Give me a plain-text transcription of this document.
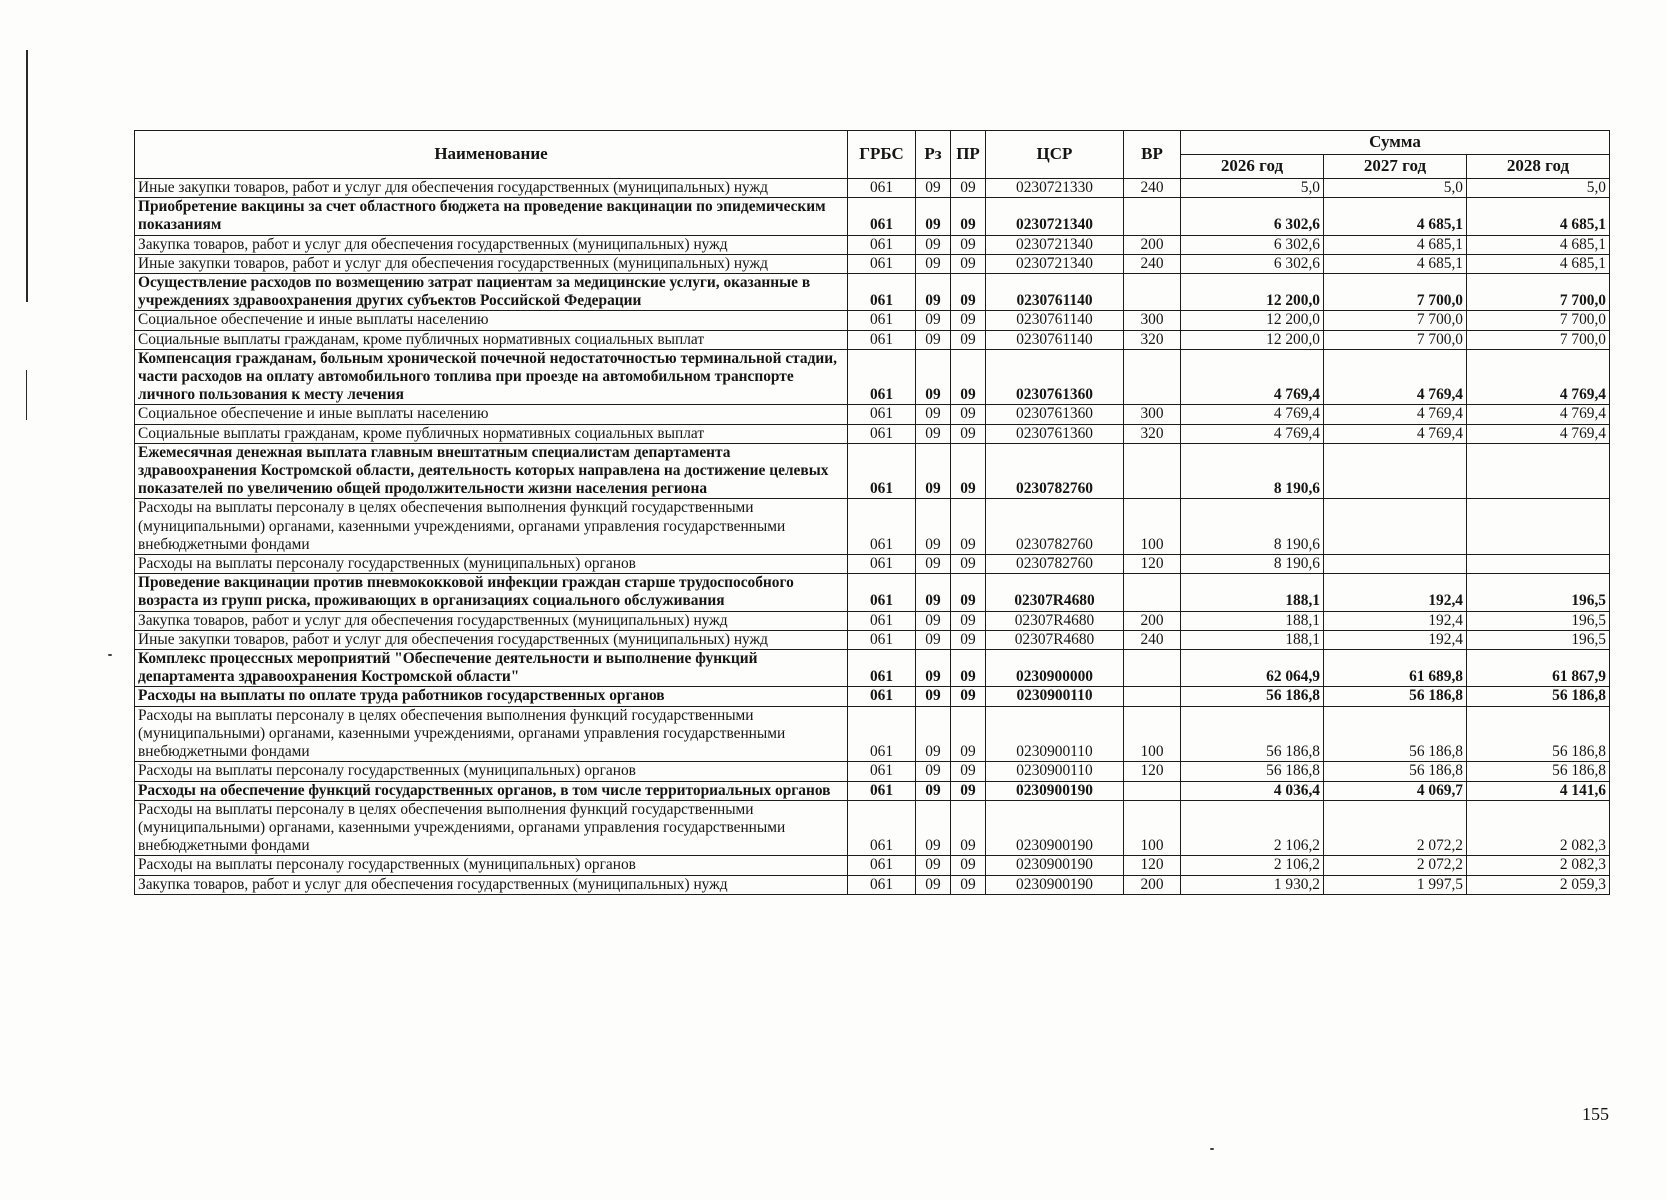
Наименование	ГРБС	Рз	ПР	ЦСР	ВР	Сумма		
						2026 год	2027 год	2028 год
Иные закупки товаров, работ и услуг для обеспечения государственных (муниципальных) нужд	061	09	09	0230721330	240	5,0	5,0	5,0
Приобретение вакцины за счет областного бюджета на проведение вакцинации по эпидемическим показаниям	061	09	09	0230721340		6 302,6	4 685,1	4 685,1
Закупка товаров, работ и услуг для обеспечения государственных (муниципальных) нужд	061	09	09	0230721340	200	6 302,6	4 685,1	4 685,1
Иные закупки товаров, работ и услуг для обеспечения государственных (муниципальных) нужд	061	09	09	0230721340	240	6 302,6	4 685,1	4 685,1
Осуществление расходов по возмещению затрат пациентам за медицинские услуги, оказанные в учреждениях здравоохранения других субъектов Российской Федерации	061	09	09	0230761140		12 200,0	7 700,0	7 700,0
Социальное обеспечение и иные выплаты населению	061	09	09	0230761140	300	12 200,0	7 700,0	7 700,0
Социальные выплаты гражданам, кроме публичных нормативных социальных выплат	061	09	09	0230761140	320	12 200,0	7 700,0	7 700,0
Компенсация гражданам, больным хронической почечной недостаточностью терминальной стадии, части расходов на оплату автомобильного топлива при проезде на автомобильном транспорте личного пользования к месту лечения	061	09	09	0230761360		4 769,4	4 769,4	4 769,4
Социальное обеспечение и иные выплаты населению	061	09	09	0230761360	300	4 769,4	4 769,4	4 769,4
Социальные выплаты гражданам, кроме публичных нормативных социальных выплат	061	09	09	0230761360	320	4 769,4	4 769,4	4 769,4
Ежемесячная денежная выплата главным внештатным специалистам департамента здравоохранения Костромской области, деятельность которых направлена на достижение целевых показателей по увеличению общей продолжительности жизни населения региона	061	09	09	0230782760		8 190,6		
Расходы на выплаты персоналу в целях обеспечения выполнения функций государственными (муниципальными) органами, казенными учреждениями, органами управления государственными внебюджетными фондами	061	09	09	0230782760	100	8 190,6		
Расходы на выплаты персоналу государственных (муниципальных) органов	061	09	09	0230782760	120	8 190,6		
Проведение вакцинации против пневмококковой инфекции граждан старше трудоспособного возраста из групп риска, проживающих в организациях социального обслуживания	061	09	09	02307R4680		188,1	192,4	196,5
Закупка товаров, работ и услуг для обеспечения государственных (муниципальных) нужд	061	09	09	02307R4680	200	188,1	192,4	196,5
Иные закупки товаров, работ и услуг для обеспечения государственных (муниципальных) нужд	061	09	09	02307R4680	240	188,1	192,4	196,5
Комплекс процессных мероприятий "Обеспечение деятельности и выполнение функций департамента здравоохранения Костромской области"	061	09	09	0230900000		62 064,9	61 689,8	61 867,9
Расходы на выплаты по оплате труда работников государственных органов	061	09	09	0230900110		56 186,8	56 186,8	56 186,8
Расходы на выплаты персоналу в целях обеспечения выполнения функций государственными (муниципальными) органами, казенными учреждениями, органами управления государственными внебюджетными фондами	061	09	09	0230900110	100	56 186,8	56 186,8	56 186,8
Расходы на выплаты персоналу государственных (муниципальных) органов	061	09	09	0230900110	120	56 186,8	56 186,8	56 186,8
Расходы на обеспечение функций государственных органов, в том числе территориальных органов	061	09	09	0230900190		4 036,4	4 069,7	4 141,6
Расходы на выплаты персоналу в целях обеспечения выполнения функций государственными (муниципальными) органами, казенными учреждениями, органами управления государственными внебюджетными фондами	061	09	09	0230900190	100	2 106,2	2 072,2	2 082,3
Расходы на выплаты персоналу государственных (муниципальных) органов	061	09	09	0230900190	120	2 106,2	2 072,2	2 082,3
Закупка товаров, работ и услуг для обеспечения государственных (муниципальных) нужд	061	09	09	0230900190	200	1 930,2	1 997,5	2 059,3
155
